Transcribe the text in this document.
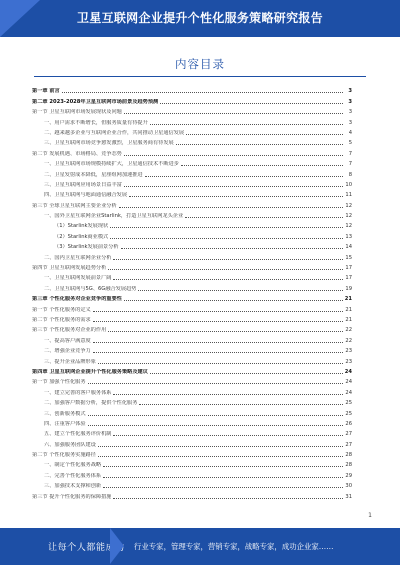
卫星互联网企业提升个性化服务策略研究报告
内容目录
第一章 前言	3
第二章 2023-2028年卫星互联网市场前景及趋势预测	3
第一节 卫星互联网市场发展现状及问题	3
一、用户需求不断增长，但服务质量有待提升	3
二、越来越多企业与互联网企业合作，共同推动卫星通信发展	4
三、卫星互联网市场竞争愈发激烈，卫星服务商有待发展	5
第二节 发展机遇、市场格局、竞争态势	7
一、卫星互联网市场规模持续扩大，卫星通信技术不断进步	7
二、卫星发射成本降低，星座组网加速推进	8
三、卫星互联网应用场景日益丰富	10
四、卫星互联网与地面通信融合发展	11
第三节 全球卫星互联网主要企业分析	12
一、国外卫星互联网企业Starlink，打造卫星互联网龙头企业	12
（1）Starlink发展现状	12
（2）Starlink商业模式	13
（3）Starlink发展前景分析	14
二、国内卫星互联网企业分析	15
第四节 卫星互联网发展趋势分析	17
一、卫星互联网发展前景广阔	17
二、卫星互联网与5G、6G融合发展趋势	19
第三章 个性化服务对企业竞争的重要性	21
第一节 个性化服务的定义	21
第二节 个性化服务的需求	21
第三节 个性化服务对企业的作用	22
一、提高客户满意度	22
二、增强企业竞争力	23
三、提升企业品牌形象	23
第四章 卫星互联网企业提升个性化服务策略及建议	24
第一节 加强个性化服务	24
一、建立完善的客户服务体系	24
二、加强客户数据分析，提供个性化服务	25
三、创新服务模式	25
四、注重客户体验	26
五、建立个性化服务评价机制	27
六、加强服务团队建设	27
第二节 个性化服务实施路径	28
一、制定个性化服务战略	28
二、完善个性化服务体系	29
三、加强技术支撑和创新	30
第三节 提升个性化服务的保障措施	31
1
让每个人都能成为 行业专家，管理专家，营销专家，战略专家，成功企业家……
